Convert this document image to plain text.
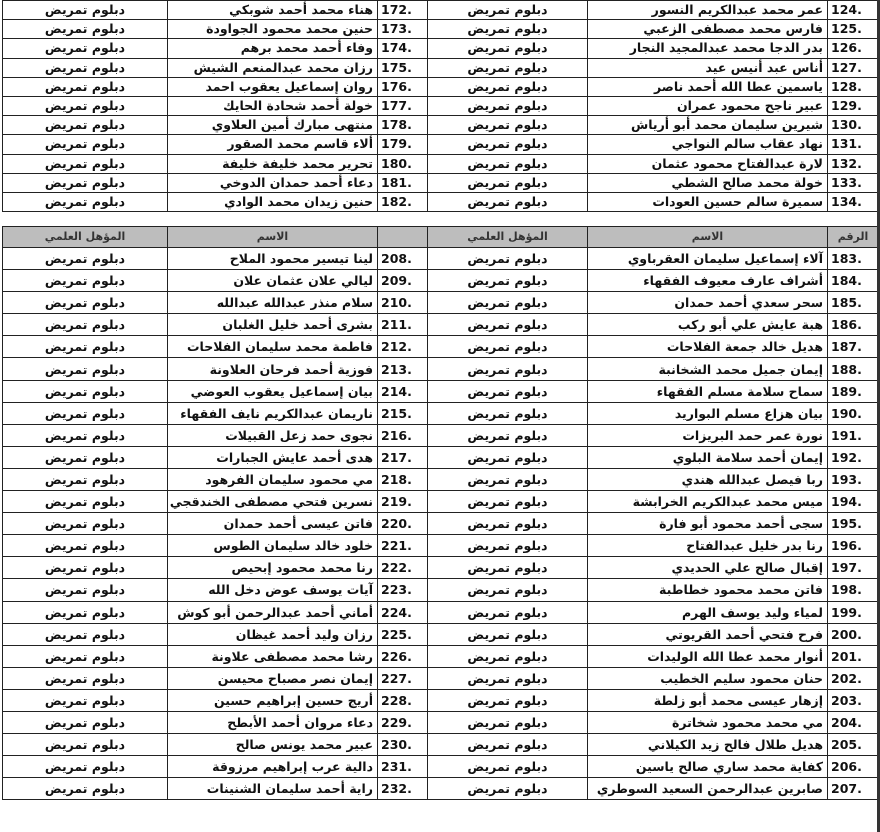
دبلوم تمريض	هناء محمد أحمد شوبكي	172.	دبلوم تمريض	عمر محمد عبدالكريم النسور	124.
دبلوم تمريض	حنين محمد محمود الجواودة	173.	دبلوم تمريض	فارس محمد مصطفى الزعبي	125.
دبلوم تمريض	وفاء أحمد محمد برهم	174.	دبلوم تمريض	بدر الدجا محمد عبدالمجيد النجار	126.
دبلوم تمريض	رزان محمد عبدالمنعم الشيش	175.	دبلوم تمريض	أناس عبد أنيس عيد	127.
دبلوم تمريض	روان إسماعيل يعقوب احمد	176.	دبلوم تمريض	ياسمين عطا الله أحمد ناصر	128.
دبلوم تمريض	خولة أحمد شحادة الحايك	177.	دبلوم تمريض	عبير ناجح محمود عمران	129.
دبلوم تمريض	منتهى مبارك أمين العلاوي	178.	دبلوم تمريض	شيرين سليمان محمد أبو أرياش	130.
دبلوم تمريض	ألاء قاسم محمد الصقور	179.	دبلوم تمريض	نهاد عقاب سالم النواجي	131.
دبلوم تمريض	تحرير محمد خليفة خليفة	180.	دبلوم تمريض	لارة عبدالفتاح محمود عثمان	132.
دبلوم تمريض	دعاء أحمد حمدان الدوخي	181.	دبلوم تمريض	خولة محمد صالح الشطي	133.
دبلوم تمريض	حنين زيدان محمد الوادي	182.	دبلوم تمريض	سميرة سالم حسين العودات	134.
المؤهل العلمي	الاسم		المؤهل العلمي	الاسم	الرقم
دبلوم تمريض	لينا تيسير محمود الملاح	208.	دبلوم تمريض	آلاء إسماعيل سليمان العقرباوي	183.
دبلوم تمريض	ليالي علان عثمان علان	209.	دبلوم تمريض	أشراف عارف معيوف الفقهاء	184.
دبلوم تمريض	سلام منذر عبدالله عبدالله	210.	دبلوم تمريض	سحر سعدي أحمد حمدان	185.
دبلوم تمريض	بشرى أحمد خليل الغلبان	211.	دبلوم تمريض	هبة عايش علي أبو ركب	186.
دبلوم تمريض	فاطمة محمد سليمان الفلاحات	212.	دبلوم تمريض	هديل خالد جمعة الفلاحات	187.
دبلوم تمريض	فوزية أحمد فرحان العلاونة	213.	دبلوم تمريض	إيمان جميل محمد الشخانبة	188.
دبلوم تمريض	بيان إسماعيل يعقوب العوضي	214.	دبلوم تمريض	سماح سلامة مسلم الفقهاء	189.
دبلوم تمريض	ناريمان عبدالكريم نايف الفقهاء	215.	دبلوم تمريض	بيان هزاع مسلم البواريد	190.
دبلوم تمريض	نجوى حمد زعل القبيلات	216.	دبلوم تمريض	نورة عمر حمد البريزات	191.
دبلوم تمريض	هدى أحمد عايش الجبارات	217.	دبلوم تمريض	إيمان أحمد سلامة البلوي	192.
دبلوم تمريض	مي محمود سليمان الفرهود	218.	دبلوم تمريض	ربا فيصل عبدالله هندي	193.
دبلوم تمريض	نسرين فتحي مصطفى الخندقجي	219.	دبلوم تمريض	ميس محمد عبدالكريم الخرابشة	194.
دبلوم تمريض	فاتن عيسى أحمد حمدان	220.	دبلوم تمريض	سجى أحمد محمود أبو فارة	195.
دبلوم تمريض	خلود خالد سليمان الطوس	221.	دبلوم تمريض	رنا بدر خليل عبدالفتاح	196.
دبلوم تمريض	رنا محمد محمود إبحيص	222.	دبلوم تمريض	إقبال صالح علي الحديدي	197.
دبلوم تمريض	آيات يوسف عوض دخل الله	223.	دبلوم تمريض	فاتن محمد محمود خطاطبة	198.
دبلوم تمريض	أماني أحمد عبدالرحمن أبو كوش	224.	دبلوم تمريض	لمياء وليد يوسف الهرم	199.
دبلوم تمريض	رزان وليد أحمد غيظان	225.	دبلوم تمريض	فرح فتحي أحمد القريوتي	200.
دبلوم تمريض	رشا محمد مصطفى علاونة	226.	دبلوم تمريض	أنوار محمد عطا الله الوليدات	201.
دبلوم تمريض	إيمان نصر مصباح محيسن	227.	دبلوم تمريض	حنان محمود سليم الخطيب	202.
دبلوم تمريض	أريج حسين إبراهيم حسين	228.	دبلوم تمريض	إزهار عيسى محمد أبو زلطة	203.
دبلوم تمريض	دعاء مروان أحمد الأبطح	229.	دبلوم تمريض	مي محمد محمود شخاترة	204.
دبلوم تمريض	عبير محمد يونس صالح	230.	دبلوم تمريض	هديل طلال فالح زيد الكيلاني	205.
دبلوم تمريض	دالية عرب إبراهيم مرزوقة	231.	دبلوم تمريض	كفاية محمد ساري صالح ياسين	206.
دبلوم تمريض	راية أحمد سليمان الشنينات	232.	دبلوم تمريض	صابرين عبدالرحمن السعيد السوطري	207.
